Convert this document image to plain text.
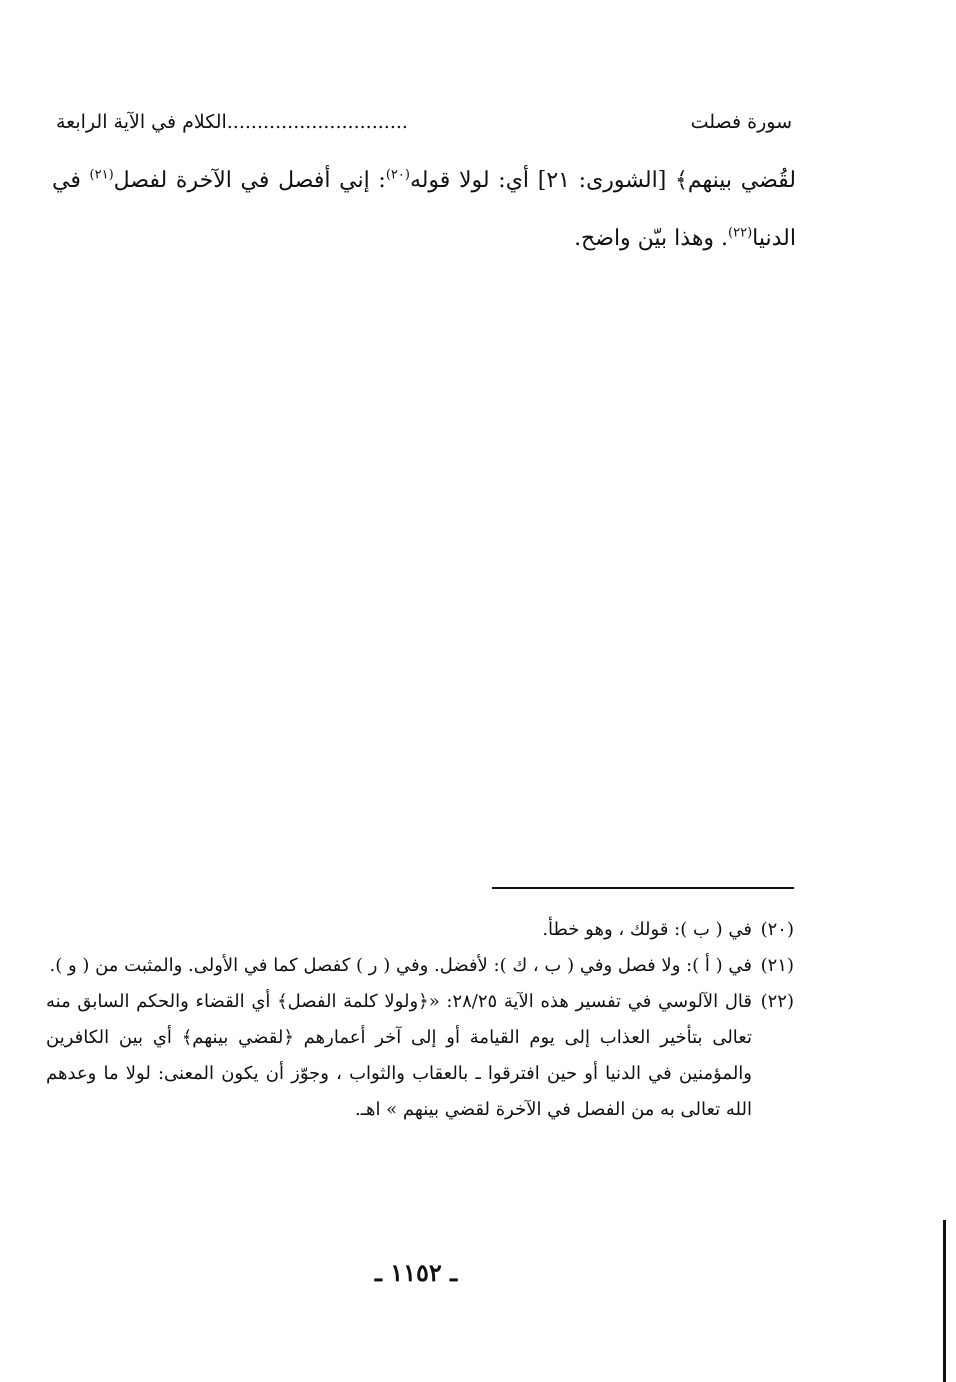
سورة فصلت
..............................الكلام في الآية الرابعة

لقُضي بينهم﴾ [الشورى: ٢١] أي: لولا قوله$^{(٢٠)}$: إني أفصل في الآخرة لفصل$^{(٢١)}$ في الدنيا$^{(٢٢)}$. وهذا بيّن واضح.

(٢٠)
في ( ب ): قولك ، وهو خطأ.
(٢١)
في ( أ ): ولا فصل وفي ( ب ، ك ): لأفضل. وفي ( ر ) كفصل كما في الأولى. والمثبت من ( و ).
(٢٢)
قال الآلوسي في تفسير هذه الآية ٢٨/٢٥: «﴿ولولا كلمة الفصل﴾ أي القضاء والحكم السابق منه تعالى بتأخير العذاب إلى يوم القيامة أو إلى آخر أعمارهم ﴿لقضي بينهم﴾ أي بين الكافرين والمؤمنين في الدنيا أو حين افترقوا ـ بالعقاب والثواب ، وجوّز أن يكون المعنى: لولا ما وعدهم الله تعالى به من الفصل في الآخرة لقضي بينهم » اهـ.
ـ ١١٥٢ ـ
